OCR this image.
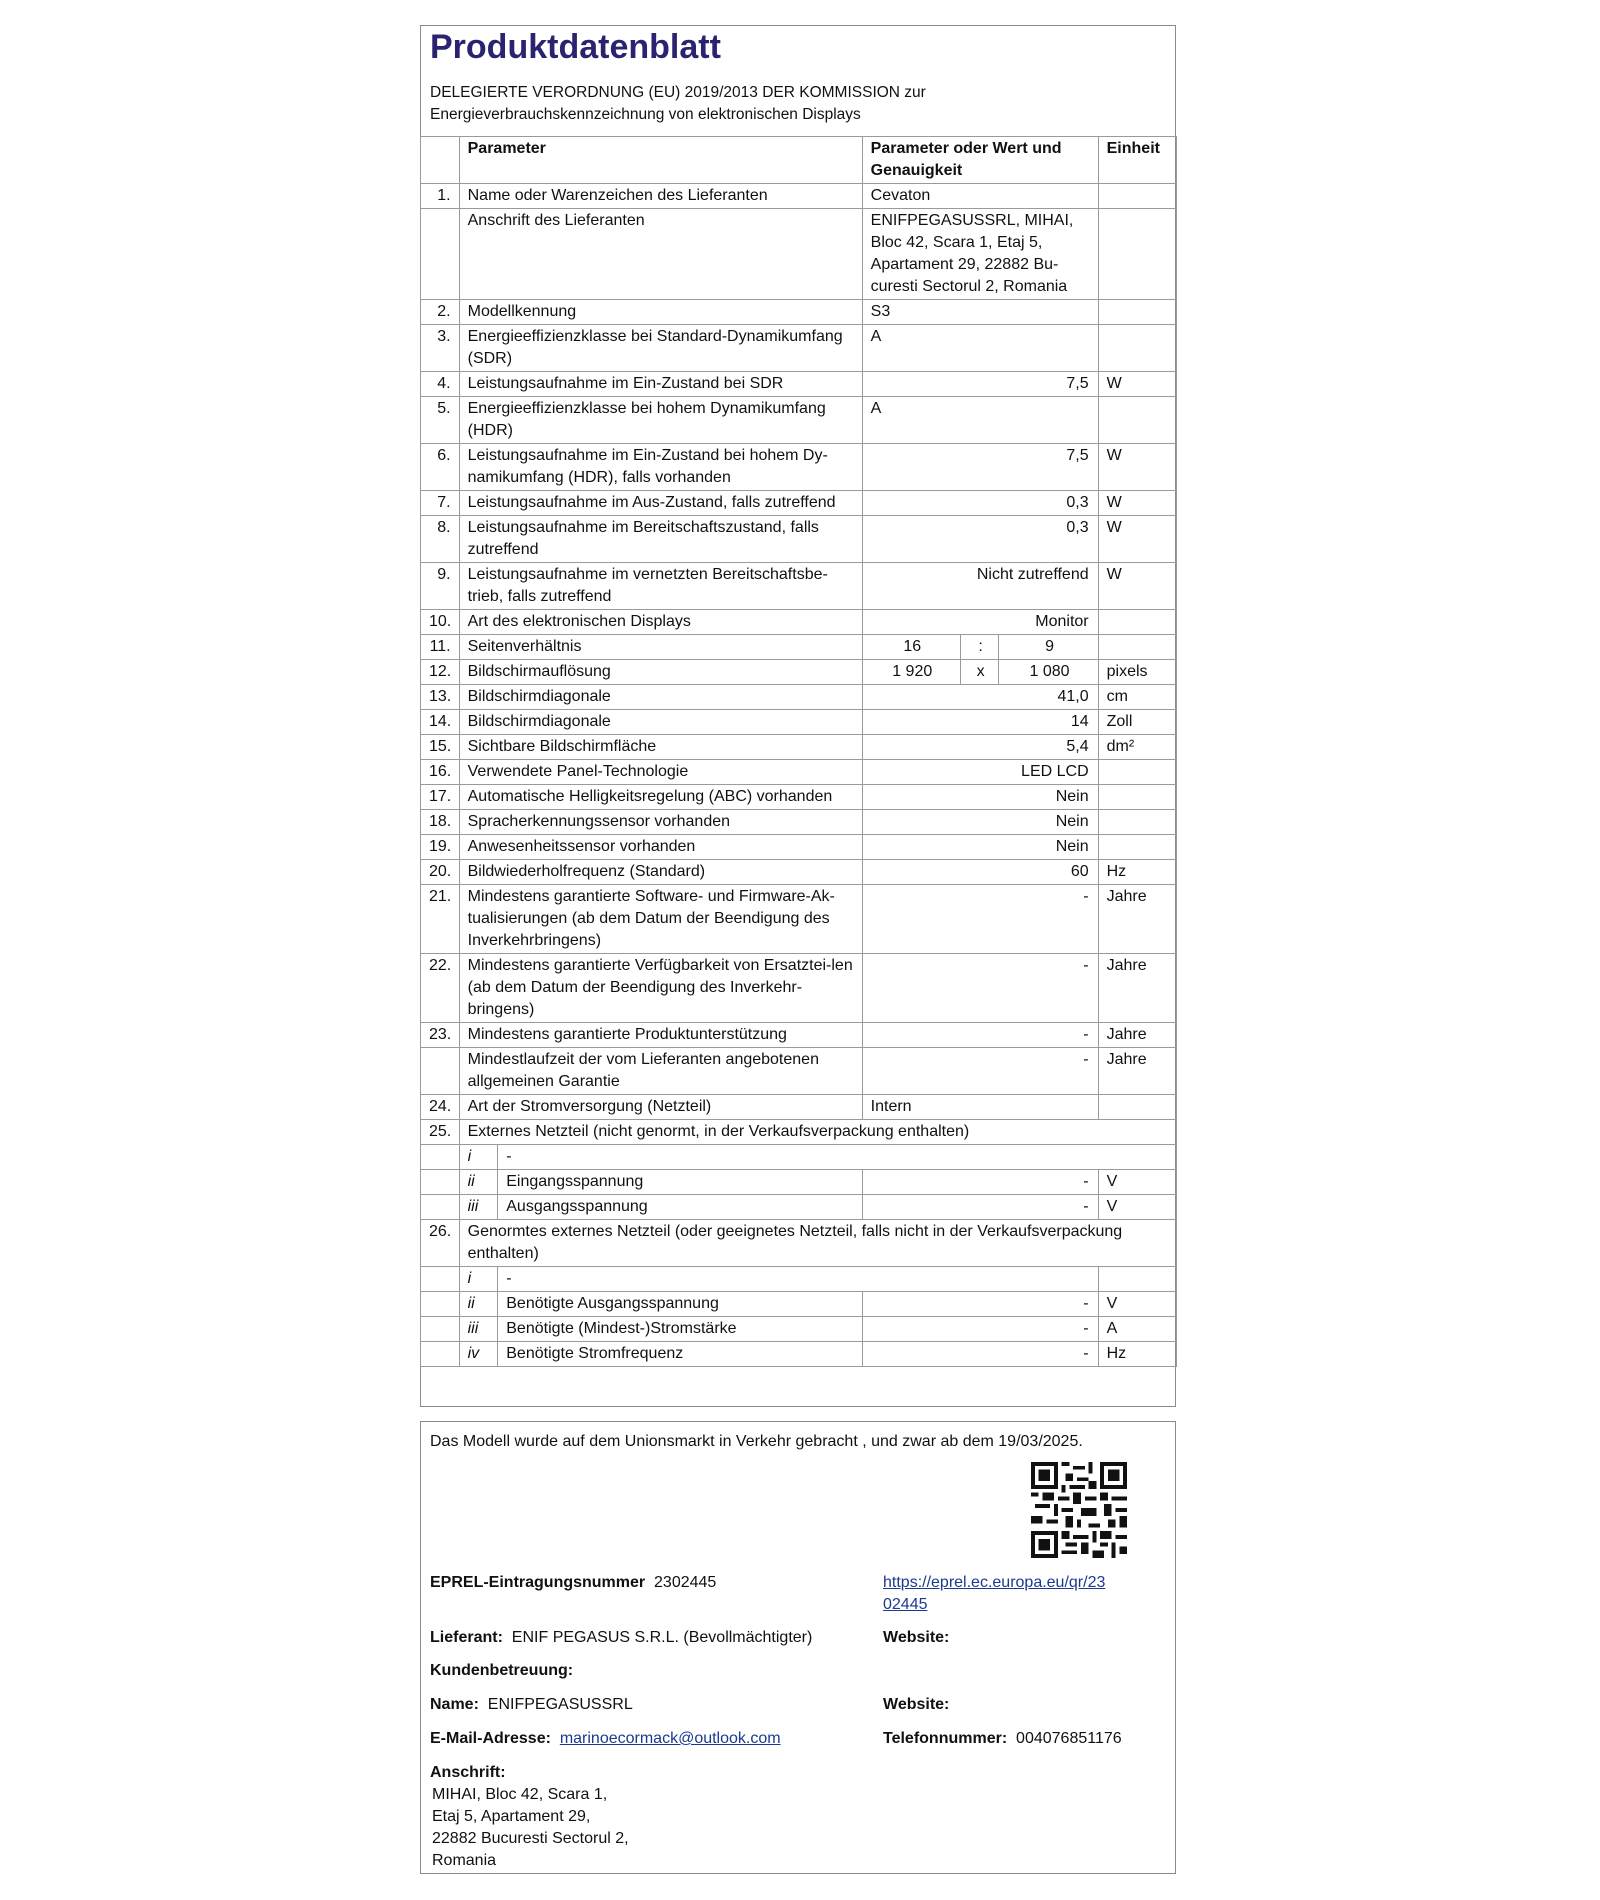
Produktdatenblatt
DELEGIERTE VERORDNUNG (EU) 2019/2013 DER KOMMISSION zur
Energieverbrauchskennzeichnung von elektronischen Displays
	Parameter		Parameter oder Wert und Genauigkeit			Einheit
1.	Name oder Warenzeichen des Lieferanten		Cevaton			
	Anschrift des Lieferanten		ENIFPEGASUSSRL, MIHAI, Bloc 42, Scara 1, Etaj 5, Apartament 29, 22882 Bu-curesti Sectorul 2, Romania			
2.	Modellkennung		S3			
3.	Energieeffizienzklasse bei Standard-Dynamikumfang (SDR)		A			
4.	Leistungsaufnahme im Ein-Zustand bei SDR		7,5			W
5.	Energieeffizienzklasse bei hohem Dynamikumfang (HDR)		A			
6.	Leistungsaufnahme im Ein-Zustand bei hohem Dy-namikumfang (HDR), falls vorhanden		7,5			W
7.	Leistungsaufnahme im Aus-Zustand, falls zutreffend		0,3			W
8.	Leistungsaufnahme im Bereitschaftszustand, falls zutreffend		0,3			W
9.	Leistungsaufnahme im vernetzten Bereitschaftsbe-trieb, falls zutreffend		Nicht zutreffend			W
10.	Art des elektronischen Displays		Monitor			
11.	Seitenverhältnis		16	:	9	
12.	Bildschirmauflösung		1 920	x	1 080	pixels
13.	Bildschirmdiagonale		41,0			cm
14.	Bildschirmdiagonale		14			Zoll
15.	Sichtbare Bildschirmfläche		5,4			dm²
16.	Verwendete Panel-Technologie		LED LCD			
17.	Automatische Helligkeitsregelung (ABC) vorhanden		Nein			
18.	Spracherkennungssensor vorhanden		Nein			
19.	Anwesenheitssensor vorhanden		Nein			
20.	Bildwiederholfrequenz (Standard)		60			Hz
21.	Mindestens garantierte Software- und Firmware-Ak-tualisierungen (ab dem Datum der Beendigung des Inverkehrbringens)		-			Jahre
22.	Mindestens garantierte Verfügbarkeit von Ersatztei-len (ab dem Datum der Beendigung des Inverkehr-bringens)		-			Jahre
23.	Mindestens garantierte Produktunterstützung		-			Jahre
	Mindestlaufzeit der vom Lieferanten angebotenen allgemeinen Garantie		-			Jahre
24.	Art der Stromversorgung (Netzteil)		Intern			
25.	Externes Netzteil (nicht genormt, in der Verkaufsverpackung enthalten)					
	i	-				
	ii	Eingangsspannung	-			V
	iii	Ausgangsspannung	-			V
26.	Genormtes externes Netzteil (oder geeignetes Netzteil, falls nicht in der Verkaufsverpackung enthalten)					
	i	-				
	ii	Benötigte Ausgangsspannung	-			V
	iii	Benötigte (Mindest-)Stromstärke	-			A
	iv	Benötigte Stromfrequenz	-			Hz
Das Modell wurde auf dem Unionsmarkt in Verkehr gebracht , und zwar ab dem 19/03/2025.
EPREL-Eintragungsnummer 2302445	https://eprel.ec.europa.eu/qr/23
02445
Lieferant: ENIF PEGASUS S.R.L. (Bevollmächtigter)	Website:
Kundenbetreuung:
Name: ENIFPEGASUSSRL	Website:
E-Mail-Adresse: marinoecormack@outlook.com	Telefonnummer: 004076851176
Anschrift:
MIHAI, Bloc 42, Scara 1,
Etaj 5, Apartament 29,
22882 Bucuresti Sectorul 2,
Romania
